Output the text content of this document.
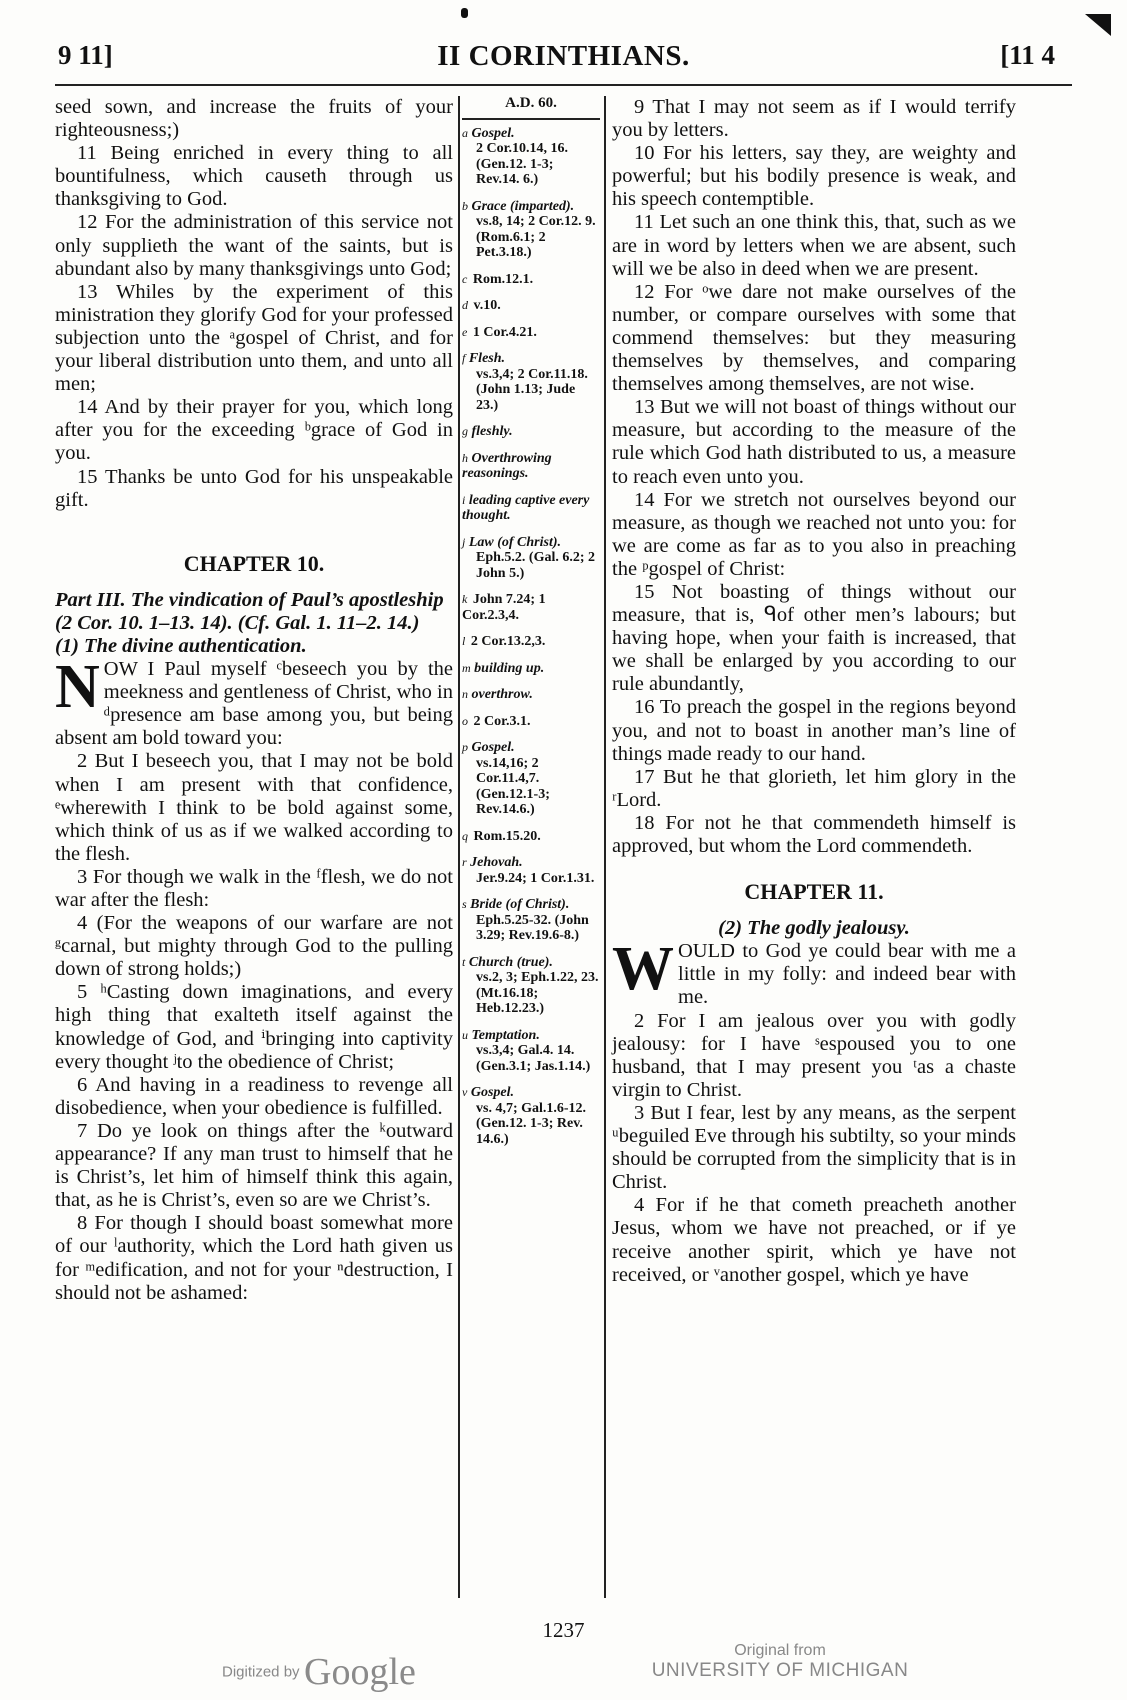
9 11]	II CORINTHIANS.	[11 4

seed sown, and increase the fruits of your righteousness;)

11 Being enriched in every thing to all bountifulness, which causeth through us thanksgiving to God.

12 For the administration of this service not only supplieth the want of the saints, but is abundant also by many thanksgivings unto God;

13 Whiles by the experiment of this ministration they glorify God for your professed subjection unto the ᵃgospel of Christ, and for your liberal distribution unto them, and unto all men;

14 And by their prayer for you, which long after you for the exceeding ᵇgrace of God in you.

15 Thanks be unto God for his unspeakable gift.

CHAPTER 10.

Part III. The vindication of Paul’s apostleship (2 Cor. 10. 1–13. 14). (Cf. Gal. 1. 11–2. 14.)

(1) The divine authentication.

NOW I Paul myself ᶜbeseech you by the meekness and gentleness of Christ, who in ᵈpresence am base among you, but being absent am bold toward you:

2 But I beseech you, that I may not be bold when I am present with that confidence, ᵉwherewith I think to be bold against some, which think of us as if we walked according to the flesh.

3 For though we walk in the ᶠflesh, we do not war after the flesh:

4 (For the weapons of our warfare are not ᵍcarnal, but mighty through God to the pulling down of strong holds;)

5 ʰCasting down imaginations, and every high thing that exalteth itself against the knowledge of God, and ⁱbringing into captivity every thought ʲto the obedience of Christ;

6 And having in a readiness to revenge all disobedience, when your obedience is fulfilled.

7 Do ye look on things after the ᵏoutward appearance? If any man trust to himself that he is Christ’s, let him of himself think this again, that, as he is Christ’s, even so are we Christ’s.

8 For though I should boast somewhat more of our ˡauthority, which the Lord hath given us for ᵐedification, and not for your ⁿdestruction, I should not be ashamed:

A.D. 60.
a Gospel.
2 Cor.10.14, 16. (Gen.12. 1-3; Rev.14. 6.)
b Grace (imparted).
vs.8, 14; 2 Cor.12. 9. (Rom.6.1; 2 Pet.3.18.)
c Rom.12.1.
d v.10.
e 1 Cor.4.21.
f Flesh.
vs.3,4; 2 Cor.11.18. (John 1.13; Jude 23.)
g fleshly.
h Overthrowing reasonings.
i leading captive every thought.
j Law (of Christ).
Eph.5.2. (Gal. 6.2; 2 John 5.)
k John 7.24; 1 Cor.2.3,4.
l 2 Cor.13.2,3.
m building up.
n overthrow.
o 2 Cor.3.1.
p Gospel.
vs.14,16; 2 Cor.11.4,7. (Gen.12.1-3; Rev.14.6.)
q Rom.15.20.
r Jehovah.
Jer.9.24; 1 Cor.1.31.
s Bride (of Christ).
Eph.5.25-32. (John 3.29; Rev.19.6-8.)
t Church (true).
vs.2, 3; Eph.1.22, 23.(Mt.16.18; Heb.12.23.)
u Temptation.
vs.3,4; Gal.4. 14. (Gen.3.1; Jas.1.14.)
v Gospel.
vs. 4,7; Gal.1.6-12. (Gen.12. 1-3; Rev. 14.6.)

9 That I may not seem as if I would terrify you by letters.

10 For his letters, say they, are weighty and powerful; but his bodily presence is weak, and his speech contemptible.

11 Let such an one think this, that, such as we are in word by letters when we are absent, such will we be also in deed when we are present.

12 For ᵒwe dare not make ourselves of the number, or compare ourselves with some that commend themselves: but they measuring themselves by themselves, and comparing themselves among themselves, are not wise.

13 But we will not boast of things without our measure, but according to the measure of the rule which God hath distributed to us, a measure to reach even unto you.

14 For we stretch not ourselves beyond our measure, as though we reached not unto you: for we are come as far as to you also in preaching the ᵖgospel of Christ:

15 Not boasting of things without our measure, that is, ᑫof other men’s labours; but having hope, when your faith is increased, that we shall be enlarged by you according to our rule abundantly,

16 To preach the gospel in the regions beyond you, and not to boast in another man’s line of things made ready to our hand.

17 But he that glorieth, let him glory in the ʳLord.

18 For not he that commendeth himself is approved, but whom the Lord commendeth.

CHAPTER 11.

(2) The godly jealousy.

WOULD to God ye could bear with me a little in my folly: and indeed bear with me.

2 For I am jealous over you with godly jealousy: for I have ˢespoused you to one husband, that I may present you ᵗas a chaste virgin to Christ.

3 But I fear, lest by any means, as the serpent ᵘbeguiled Eve through his subtilty, so your minds should be corrupted from the simplicity that is in Christ.

4 For if he that cometh preacheth another Jesus, whom we have not preached, or if ye receive another spirit, which ye have not received, or ᵛanother gospel, which ye have

1237
Digitized by Google
Original from
UNIVERSITY OF MICHIGAN
